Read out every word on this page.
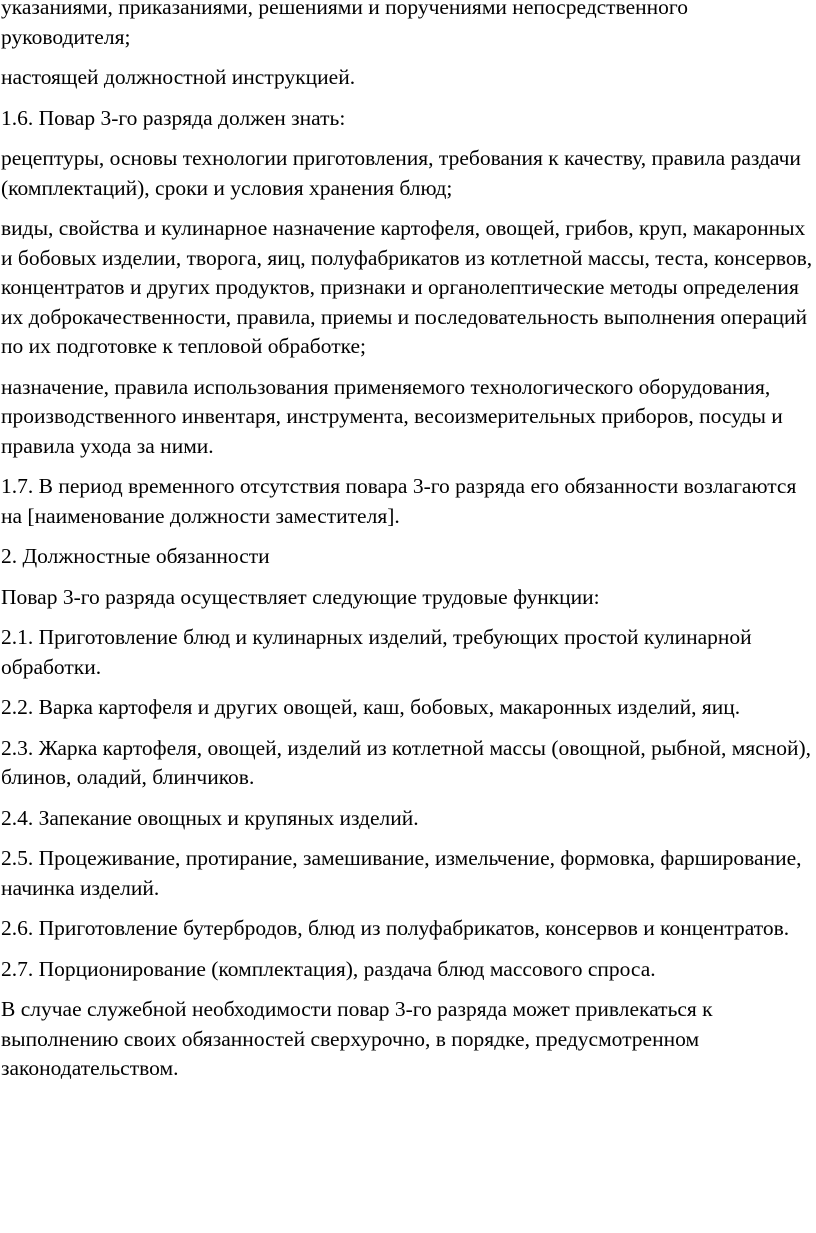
указаниями, приказаниями, решениями и поручениями непосредственного руководителя;

настоящей должностной инструкцией.

1.6. Повар 3-го разряда должен знать:

рецептуры, основы технологии приготовления, требования к качеству, правила раздачи (комплектаций), сроки и условия хранения блюд;

виды, свойства и кулинарное назначение картофеля, овощей, грибов, круп, макаронных и бобовых изделии, творога, яиц, полуфабрикатов из котлетной массы, теста, консервов, концентратов и других продуктов, признаки и органолептические методы определения их доброкачественности, правила, приемы и последовательность выполнения операций по их подготовке к тепловой обработке;

назначение, правила использования применяемого технологического оборудования, производственного инвентаря, инструмента, весоизмерительных приборов, посуды и правила ухода за ними.

1.7. В период временного отсутствия повара 3-го разряда его обязанности возлагаются на [наименование должности заместителя].

2. Должностные обязанности

Повар 3-го разряда осуществляет следующие трудовые функции:

2.1. Приготовление блюд и кулинарных изделий, требующих простой кулинарной обработки.

2.2. Варка картофеля и других овощей, каш, бобовых, макаронных изделий, яиц.

2.3. Жарка картофеля, овощей, изделий из котлетной массы (овощной, рыбной, мясной), блинов, оладий, блинчиков.

2.4. Запекание овощных и крупяных изделий.

2.5. Процеживание, протирание, замешивание, измельчение, формовка, фарширование, начинка изделий.

2.6. Приготовление бутербродов, блюд из полуфабрикатов, консервов и концентратов.

2.7. Порционирование (комплектация), раздача блюд массового спроса.

В случае служебной необходимости повар 3-го разряда может привлекаться к выполнению своих обязанностей сверхурочно, в порядке, предусмотренном законодательством.
